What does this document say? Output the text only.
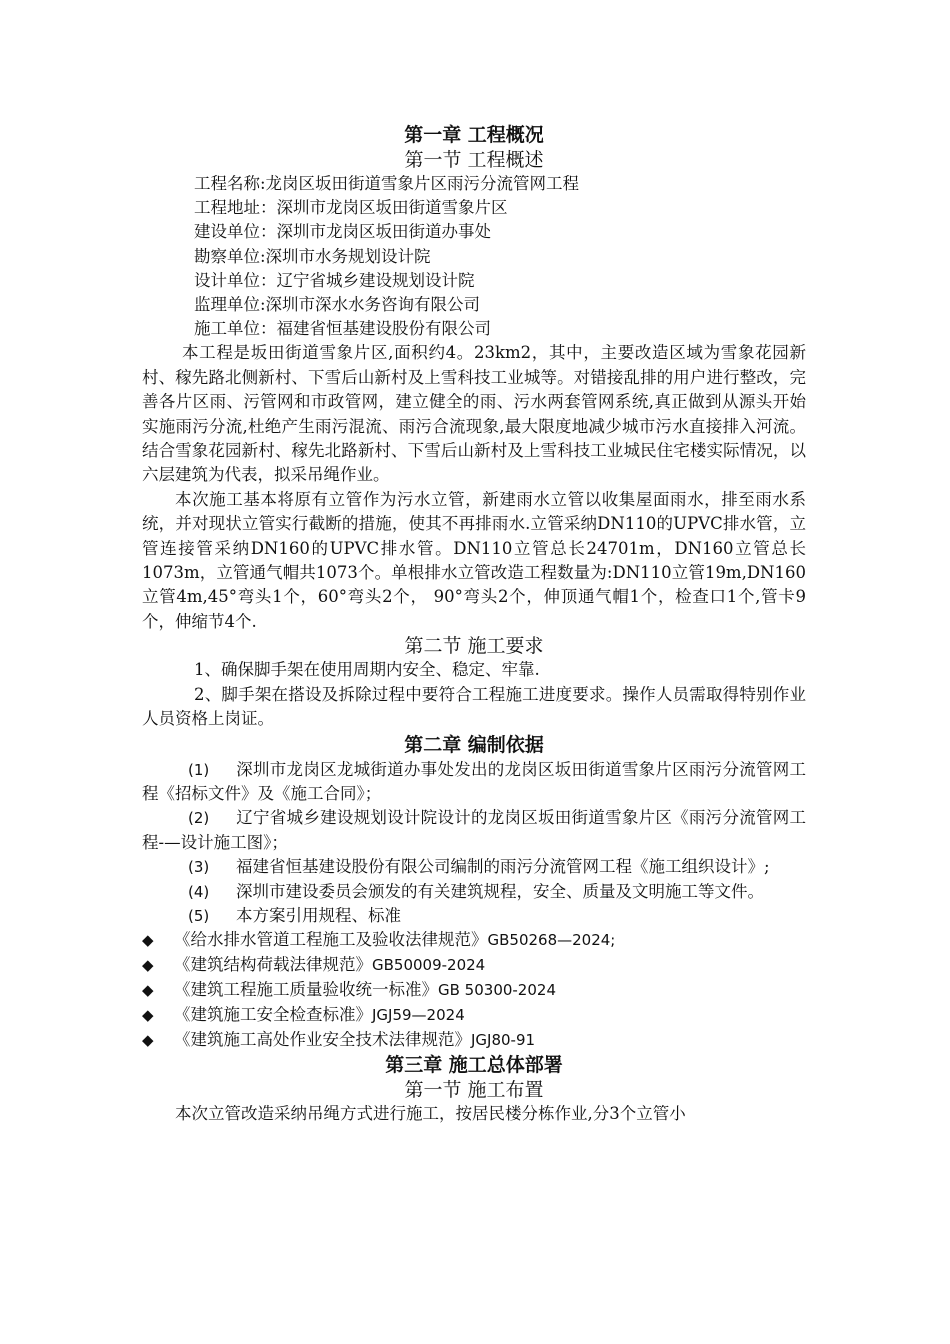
第一章 工程概况
第一节 工程概述

工程名称:龙岗区坂田街道雪象片区雨污分流管网工程

工程地址：深圳市龙岗区坂田街道雪象片区

建设单位：深圳市龙岗区坂田街道办事处

勘察单位:深圳市水务规划设计院

设计单位：辽宁省城乡建设规划设计院

监理单位:深圳市深水水务咨询有限公司

施工单位：福建省恒基建设股份有限公司

本工程是坂田街道雪象片区,面积约4。23km2，其中，主要改造区域为雪象花园新村、稼先路北侧新村、下雪后山新村及上雪科技工业城等。对错接乱排的用户进行整改，完善各片区雨、污管网和市政管网，建立健全的雨、污水两套管网系统,真正做到从源头开始实施雨污分流,杜绝产生雨污混流、雨污合流现象,最大限度地减少城市污水直接排入河流。结合雪象花园新村、稼先北路新村、下雪后山新村及上雪科技工业城民住宅楼实际情况，以六层建筑为代表，拟采吊绳作业。

本次施工基本将原有立管作为污水立管，新建雨水立管以收集屋面雨水，排至雨水系统，并对现状立管实行截断的措施，使其不再排雨水.立管采纳DN110的UPVC排水管，立管连接管采纳DN160的UPVC排水管。DN110立管总长24701m，DN160立管总长1073m，立管通气帽共1073个。单根排水立管改造工程数量为:DN110立管19m,DN160立管4m,45°弯头1个，60°弯头2个， 90°弯头2个，伸顶通气帽1个，检查口1个,管卡9个，伸缩节4个.

第二节 施工要求

1、确保脚手架在使用周期内安全、稳定、牢靠.

2、脚手架在搭设及拆除过程中要符合工程施工进度要求。操作人员需取得特别作业人员资格上岗证。

第二章 编制依据

(1) 深圳市龙岗区龙城街道办事处发出的龙岗区坂田街道雪象片区雨污分流管网工程《招标文件》及《施工合同》；

(2) 辽宁省城乡建设规划设计院设计的龙岗区坂田街道雪象片区《雨污分流管网工程-—设计施工图》；

(3) 福建省恒基建设股份有限公司编制的雨污分流管网工程《施工组织设计》;

(4) 深圳市建设委员会颁发的有关建筑规程，安全、质量及文明施工等文件。

(5) 本方案引用规程、标准

◆ 《给水排水管道工程施工及验收法律规范》GB50268—2024;

◆ 《建筑结构荷载法律规范》GB50009-2024

◆ 《建筑工程施工质量验收统一标准》GB 50300-2024

◆ 《建筑施工安全检查标准》JGJ59—2024

◆ 《建筑施工高处作业安全技术法律规范》JGJ80-91

第三章 施工总体部署
第一节 施工布置

本次立管改造采纳吊绳方式进行施工，按居民楼分栋作业,分3个立管小
